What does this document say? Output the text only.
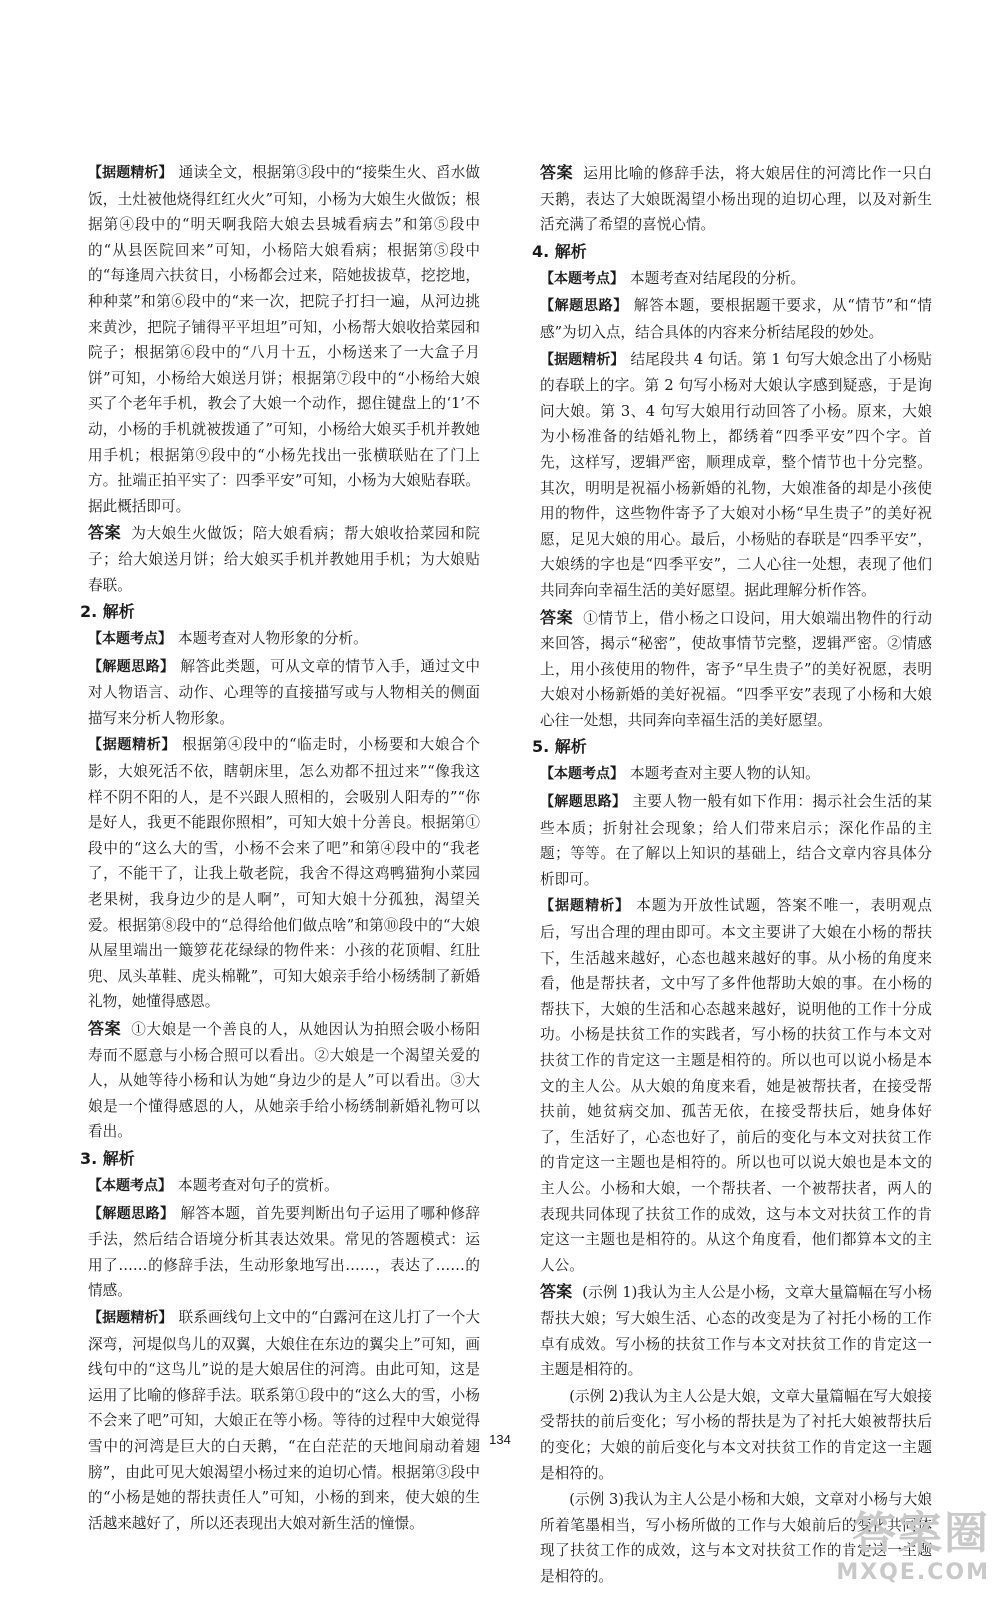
【据题精析】 通读全文，根据第③段中的“接柴生火、舀水做饭，土灶被他烧得红红火火”可知，小杨为大娘生火做饭；根据第④段中的“明天啊我陪大娘去县城看病去”和第⑤段中的“从县医院回来”可知，小杨陪大娘看病；根据第⑤段中的“每逢周六扶贫日，小杨都会过来，陪她拔拔草，挖挖地，种种菜”和第⑥段中的“来一次，把院子打扫一遍，从河边挑来黄沙，把院子铺得平平坦坦”可知，小杨帮大娘收拾菜园和院子；根据第⑥段中的“八月十五，小杨送来了一大盒子月饼”可知，小杨给大娘送月饼；根据第⑦段中的“小杨给大娘买了个老年手机，教会了大娘一个动作，摁住键盘上的‘1’不动，小杨的手机就被拨通了”可知，小杨给大娘买手机并教她用手机；根据第⑨段中的“小杨先找出一张横联贴在了门上方。扯端正拍平实了：四季平安”可知，小杨为大娘贴春联。据此概括即可。

答案 为大娘生火做饭；陪大娘看病；帮大娘收拾菜园和院子；给大娘送月饼；给大娘买手机并教她用手机；为大娘贴春联。

2. 解析

【本题考点】 本题考查对人物形象的分析。

【解题思路】 解答此类题，可从文章的情节入手，通过文中对人物语言、动作、心理等的直接描写或与人物相关的侧面描写来分析人物形象。

【据题精析】 根据第④段中的“临走时，小杨要和大娘合个影，大娘死活不依，瞎朝床里，怎么劝都不扭过来”“像我这样不阴不阳的人，是不兴跟人照相的，会吸别人阳寿的”“你是好人，我更不能跟你照相”，可知大娘十分善良。根据第①段中的“这么大的雪，小杨不会来了吧”和第④段中的“我老了，不能干了，让我上敬老院，我舍不得这鸡鸭猫狗小菜园老果树，我身边少的是人啊”，可知大娘十分孤独，渴望关爱。根据第⑧段中的“总得给他们做点啥”和第⑩段中的“大娘从屋里端出一簸箩花花绿绿的物件来：小孩的花顶帽、红肚兜、凤头革鞋、虎头棉靴”，可知大娘亲手给小杨绣制了新婚礼物，她懂得感恩。

答案 ①大娘是一个善良的人，从她因认为拍照会吸小杨阳寿而不愿意与小杨合照可以看出。②大娘是一个渴望关爱的人，从她等待小杨和认为她“身边少的是人”可以看出。③大娘是一个懂得感恩的人，从她亲手给小杨绣制新婚礼物可以看出。

3. 解析

【本题考点】 本题考查对句子的赏析。

【解题思路】 解答本题，首先要判断出句子运用了哪种修辞手法，然后结合语境分析其表达效果。常见的答题模式：运用了……的修辞手法，生动形象地写出……，表达了……的情感。

【据题精析】 联系画线句上文中的“白露河在这儿打了一个大深弯，河堤似鸟儿的双翼，大娘住在东边的翼尖上”可知，画线句中的“这鸟儿”说的是大娘居住的河湾。由此可知，这是运用了比喻的修辞手法。联系第①段中的“这么大的雪，小杨不会来了吧”可知，大娘正在等小杨。等待的过程中大娘觉得雪中的河湾是巨大的白天鹅，“在白茫茫的天地间扇动着翅膀”，由此可见大娘渴望小杨过来的迫切心情。根据第③段中的“小杨是她的帮扶责任人”可知，小杨的到来，使大娘的生活越来越好了，所以还表现出大娘对新生活的憧憬。

答案 运用比喻的修辞手法，将大娘居住的河湾比作一只白天鹅，表达了大娘既渴望小杨出现的迫切心理，以及对新生活充满了希望的喜悦心情。

4. 解析

【本题考点】 本题考查对结尾段的分析。

【解题思路】 解答本题，要根据题干要求，从“情节”和“情感”为切入点，结合具体的内容来分析结尾段的妙处。

【据题精析】 结尾段共 4 句话。第 1 句写大娘念出了小杨贴的春联上的字。第 2 句写小杨对大娘认字感到疑惑，于是询问大娘。第 3、4 句写大娘用行动回答了小杨。原来，大娘为小杨准备的结婚礼物上，都绣着“四季平安”四个字。首先，这样写，逻辑严密，顺理成章，整个情节也十分完整。其次，明明是祝福小杨新婚的礼物，大娘准备的却是小孩使用的物件，这些物件寄予了大娘对小杨“早生贵子”的美好祝愿，足见大娘的用心。最后，小杨贴的春联是“四季平安”，大娘绣的字也是“四季平安”，二人心往一处想，表现了他们共同奔向幸福生活的美好愿望。据此理解分析作答。

答案 ①情节上，借小杨之口设问，用大娘端出物件的行动来回答，揭示“秘密”，使故事情节完整，逻辑严密。②情感上，用小孩使用的物件，寄予“早生贵子”的美好祝愿，表明大娘对小杨新婚的美好祝福。“四季平安”表现了小杨和大娘心往一处想，共同奔向幸福生活的美好愿望。

5. 解析

【本题考点】 本题考查对主要人物的认知。

【解题思路】 主要人物一般有如下作用：揭示社会生活的某些本质；折射社会现象；给人们带来启示；深化作品的主题；等等。在了解以上知识的基础上，结合文章内容具体分析即可。

【据题精析】 本题为开放性试题，答案不唯一，表明观点后，写出合理的理由即可。本文主要讲了大娘在小杨的帮扶下，生活越来越好，心态也越来越好的事。从小杨的角度来看，他是帮扶者，文中写了多件他帮助大娘的事。在小杨的帮扶下，大娘的生活和心态越来越好，说明他的工作十分成功。小杨是扶贫工作的实践者，写小杨的扶贫工作与本文对扶贫工作的肯定这一主题是相符的。所以也可以说小杨是本文的主人公。从大娘的角度来看，她是被帮扶者，在接受帮扶前，她贫病交加、孤苦无依，在接受帮扶后，她身体好了，生活好了，心态也好了，前后的变化与本文对扶贫工作的肯定这一主题也是相符的。所以也可以说大娘也是本文的主人公。小杨和大娘，一个帮扶者、一个被帮扶者，两人的表现共同体现了扶贫工作的成效，这与本文对扶贫工作的肯定这一主题也是相符的。从这个角度看，他们都算本文的主人公。

答案 (示例 1)我认为主人公是小杨，文章大量篇幅在写小杨帮扶大娘；写大娘生活、心态的改变是为了衬托小杨的工作卓有成效。写小杨的扶贫工作与本文对扶贫工作的肯定这一主题是相符的。

(示例 2)我认为主人公是大娘，文章大量篇幅在写大娘接受帮扶的前后变化；写小杨的帮扶是为了衬托大娘被帮扶后的变化；大娘的前后变化与本文对扶贫工作的肯定这一主题是相符的。

(示例 3)我认为主人公是小杨和大娘，文章对小杨与大娘所着笔墨相当，写小杨所做的工作与大娘前后的变化共同体现了扶贫工作的成效，这与本文对扶贫工作的肯定这一主题是相符的。

134
答案圈
MXQE.COM
